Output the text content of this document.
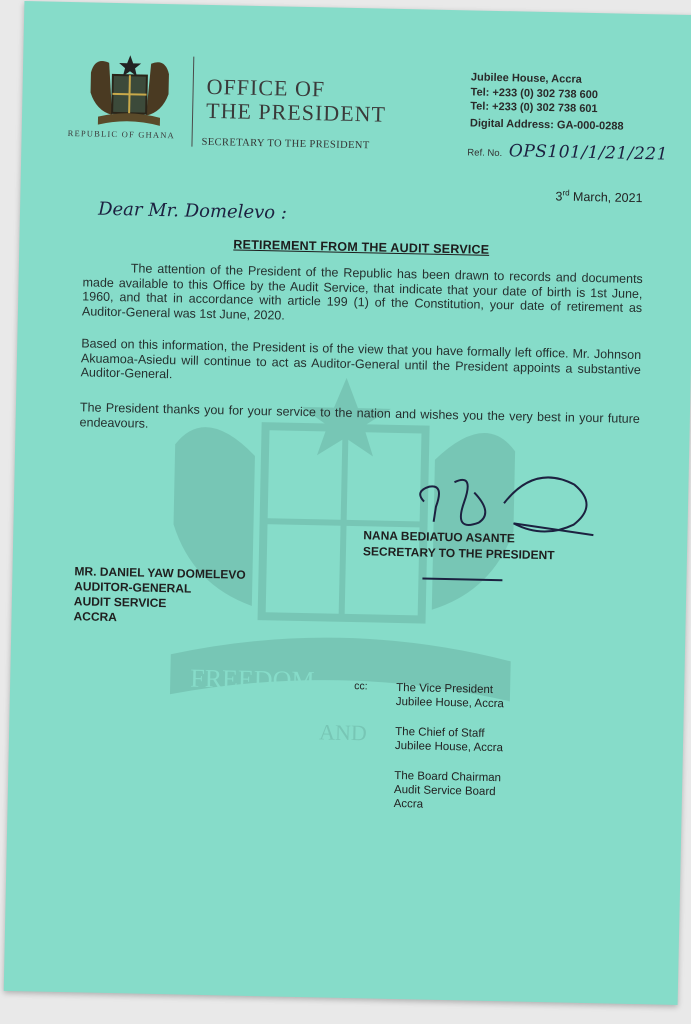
FREEDOM
AND
REPUBLIC OF GHANA
OFFICE OF
THE PRESIDENT
SECRETARY TO THE PRESIDENT
Jubilee House, Accra
Tel: +233 (0) 302 738 600
Tel: +233 (0) 302 738 601
Digital Address: GA-000-0288
Ref. No. OPS101/1/21/221
3rd March, 2021
Dear Mr. Domelevo :
RETIREMENT FROM THE AUDIT SERVICE
The attention of the President of the Republic has been drawn to records and documents made available to this Office by the Audit Service, that indicate that your date of birth is 1st June, 1960, and that in accordance with article 199 (1) of the Constitution, your date of retirement as Auditor-General was 1st June, 2020.
Based on this information, the President is of the view that you have formally left office. Mr. Johnson Akuamoa-Asiedu will continue to act as Auditor-General until the President appoints a substantive Auditor-General.
The President thanks you for your service to the nation and wishes you the very best in your future endeavours.
NANA BEDIATUO ASANTE
SECRETARY TO THE PRESIDENT
MR. DANIEL YAW DOMELEVO
AUDITOR-GENERAL
AUDIT SERVICE
ACCRA
cc: The Vice President
Jubilee House, Accra
The Chief of Staff
Jubilee House, Accra
The Board Chairman
Audit Service Board
Accra
